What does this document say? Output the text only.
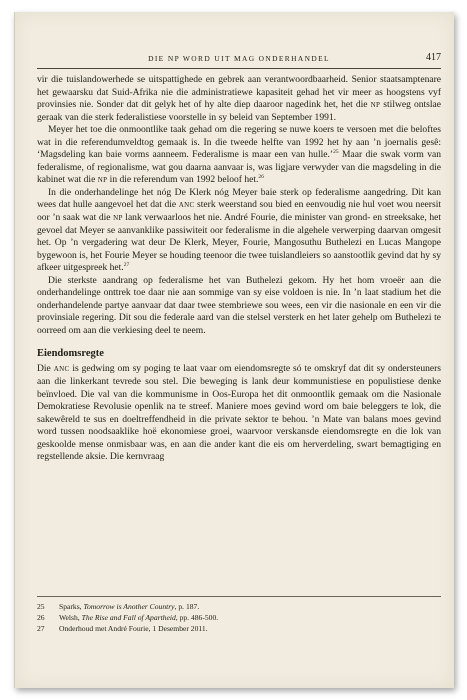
DIE NP WORD UIT MAG ONDERHANDEL	417

vir die tuislandowerhede se uitspattighede en gebrek aan verantwoordbaarheid. Senior staatsamptenare het gewaarsku dat Suid-Afrika nie die administratiewe kapasiteit gehad het vir meer as hoogstens vyf provinsies nie. Sonder dat dit gelyk het of hy alte diep daaroor nagedink het, het die np stilweg ontslae geraak van die sterk federalistiese voorstelle in sy beleid van September 1991.

Meyer het toe die onmoontlike taak gehad om die regering se nuwe koers te versoen met die beloftes wat in die referendumveldtog gemaak is. In die tweede helfte van 1992 het hy aan ’n joernalis gesê: ‘Magsdeling kan baie vorms aanneem. Federalisme is maar een van hulle.’$^{25}$ Maar die swak vorm van federalisme, of regionalisme, wat gou daarna aanvaar is, was ligjare verwyder van die magsdeling in die kabinet wat die np in die referendum van 1992 beloof het.$^{26}$

In die onderhandelinge het nóg De Klerk nóg Meyer baie sterk op federalisme aangedring. Dit kan wees dat hulle aangevoel het dat die anc sterk weerstand sou bied en eenvoudig nie hul voet wou neersit oor ’n saak wat die np lank verwaarloos het nie. André Fourie, die minister van grond- en streeksake, het gevoel dat Meyer se aanvanklike passiwiteit oor federalisme in die algehele verwerping daarvan omgesit het. Op ’n vergadering wat deur De Klerk, Meyer, Fourie, Mangosuthu Buthelezi en Lucas Mangope bygewoon is, het Fourie Meyer se houding teenoor die twee tuislandleiers so aanstootlik gevind dat hy sy afkeer uitgespreek het.$^{27}$

Die sterkste aandrang op federalisme het van Buthelezi gekom. Hy het hom vroeër aan die onderhandelinge onttrek toe daar nie aan sommige van sy eise voldoen is nie. In ’n laat stadium het die onderhandelende partye aanvaar dat daar twee stembriewe sou wees, een vir die nasionale en een vir die provinsiale regering. Dit sou die federale aard van die stelsel versterk en het later gehelp om Buthelezi te oorreed om aan die verkiesing deel te neem.

Eiendomsregte

Die anc is gedwing om sy poging te laat vaar om eiendomsregte só te omskryf dat dit sy ondersteuners aan die linkerkant tevrede sou stel. Die beweging is lank deur kommunistiese en populistiese denke beïnvloed. Die val van die kommunisme in Oos-Europa het dit onmoontlik gemaak om die Nasionale Demokratiese Revolusie openlik na te streef. Maniere moes gevind word om baie beleggers te lok, die sakewêreld te sus en doeltreffendheid in die private sektor te behou. ’n Mate van balans moes gevind word tussen noodsaaklike hoë ekonomiese groei, waarvoor verskansde eiendomsregte en die lok van geskoolde mense onmisbaar was, en aan die ander kant die eis om herverdeling, swart bemagtiging en regstellende aksie. Die kernvraag

25	Sparks, Tomorrow is Another Country, p. 187.
26	Welsh, The Rise and Fall of Apartheid, pp. 486-500.
27	Onderhoud met André Fourie, 1 Desember 2011.
